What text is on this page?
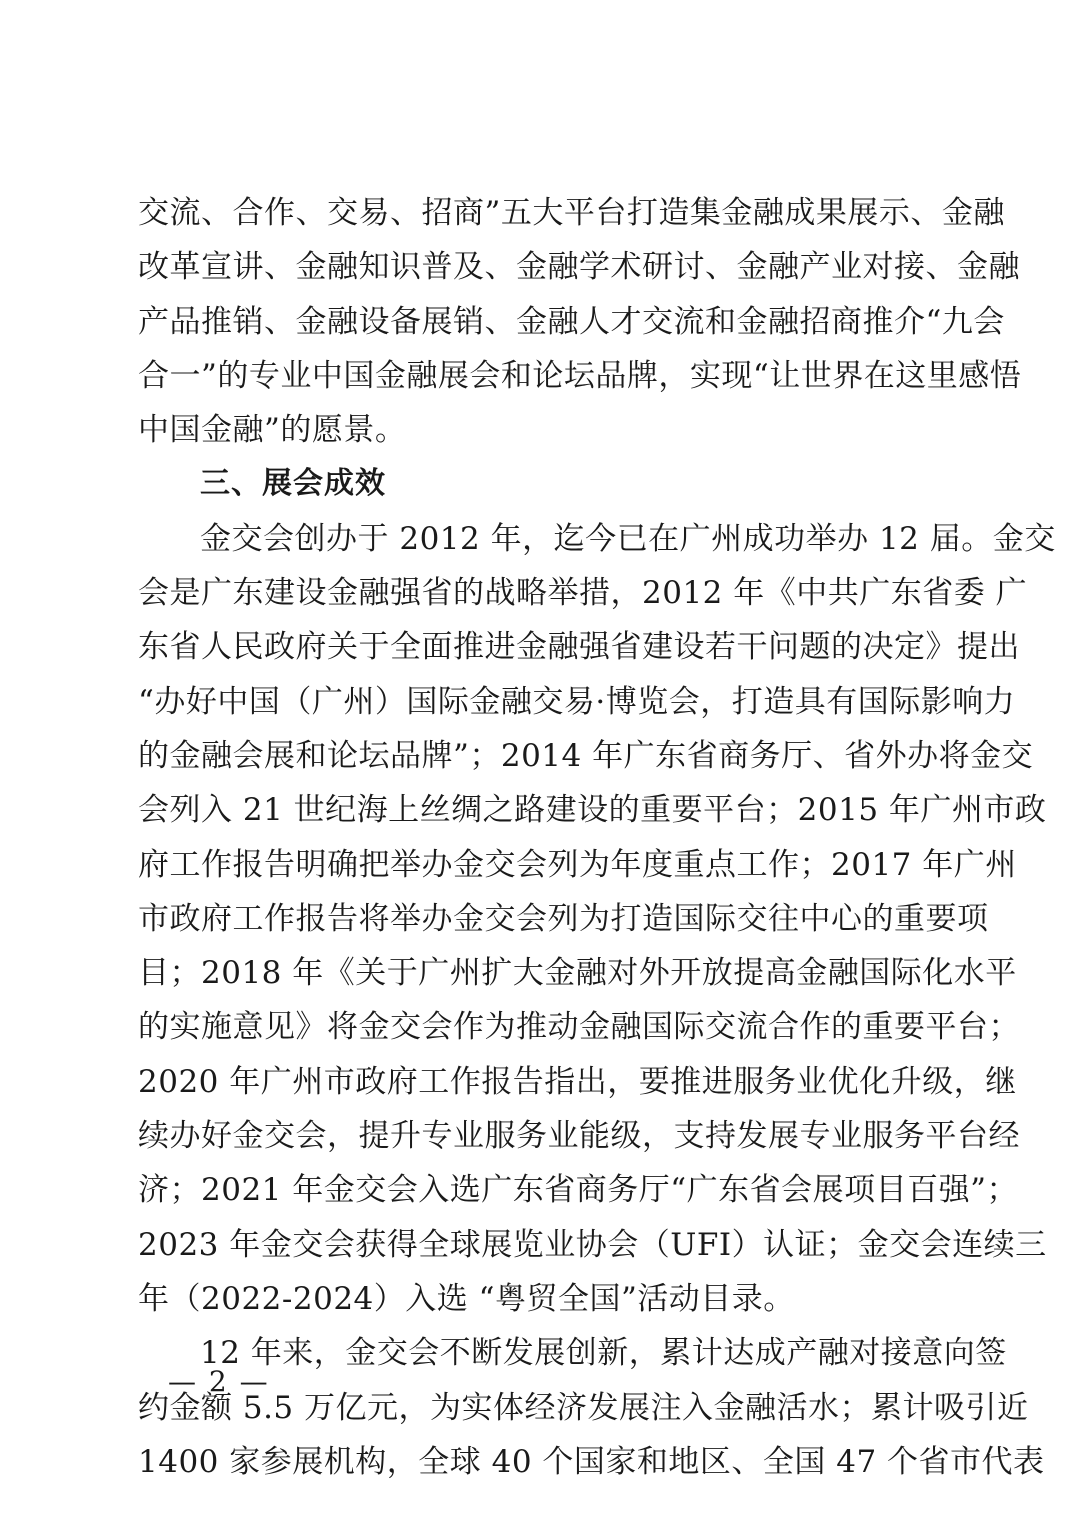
交流、合作、交易、招商”五大平台打造集金融成果展示、金融
改革宣讲、金融知识普及、金融学术研讨、金融产业对接、金融
产品推销、金融设备展销、金融人才交流和金融招商推介“九会
合一”的专业中国金融展会和论坛品牌，实现“让世界在这里感悟
中国金融”的愿景。
三、展会成效
金交会创办于 2012 年，迄今已在广州成功举办 12 届。金交
会是广东建设金融强省的战略举措，2012 年《中共广东省委 广
东省人民政府关于全面推进金融强省建设若干问题的决定》提出
“办好中国（广州）国际金融交易·博览会，打造具有国际影响力
的金融会展和论坛品牌”；2014 年广东省商务厅、省外办将金交
会列入 21 世纪海上丝绸之路建设的重要平台；2015 年广州市政
府工作报告明确把举办金交会列为年度重点工作；2017 年广州
市政府工作报告将举办金交会列为打造国际交往中心的重要项
目；2018 年《关于广州扩大金融对外开放提高金融国际化水平
的实施意见》将金交会作为推动金融国际交流合作的重要平台；
2020 年广州市政府工作报告指出，要推进服务业优化升级，继
续办好金交会，提升专业服务业能级，支持发展专业服务平台经
济；2021 年金交会入选广东省商务厅“广东省会展项目百强”；
2023 年金交会获得全球展览业协会（UFI）认证；金交会连续三
年（2022-2024）入选 “粤贸全国”活动目录。
12 年来，金交会不断发展创新，累计达成产融对接意向签
约金额 5.5 万亿元，为实体经济发展注入金融活水；累计吸引近
1400 家参展机构，全球 40 个国家和地区、全国 47 个省市代表
— 2 —
